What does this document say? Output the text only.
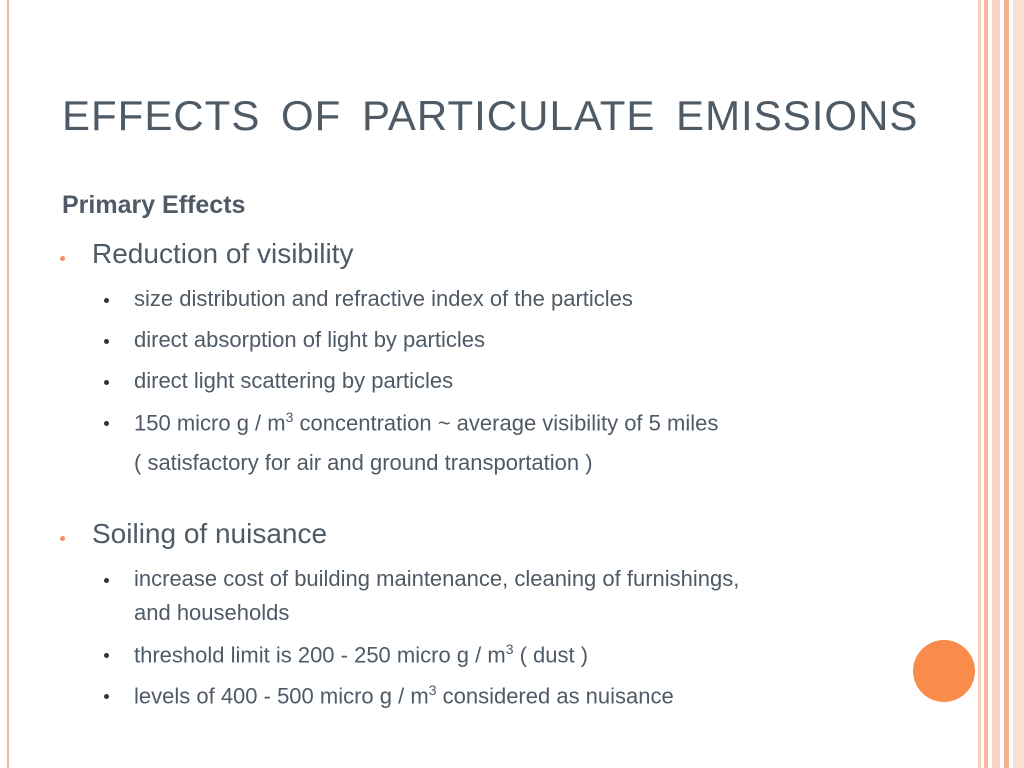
EFFECTS OF PARTICULATE EMISSIONS
Primary Effects
Reduction of visibility
size distribution and refractive index of the particles
direct absorption of light by particles
direct light scattering by particles
150 micro g / $m^3$ concentration ~ average visibility of 5 miles
( satisfactory for air and ground transportation )
Soiling of nuisance
increase cost of building maintenance, cleaning of furnishings,
and households
threshold limit is 200 - 250 micro g / $m^3$ ( dust )
levels of 400 - 500 micro g / $m^3$ considered as nuisance
